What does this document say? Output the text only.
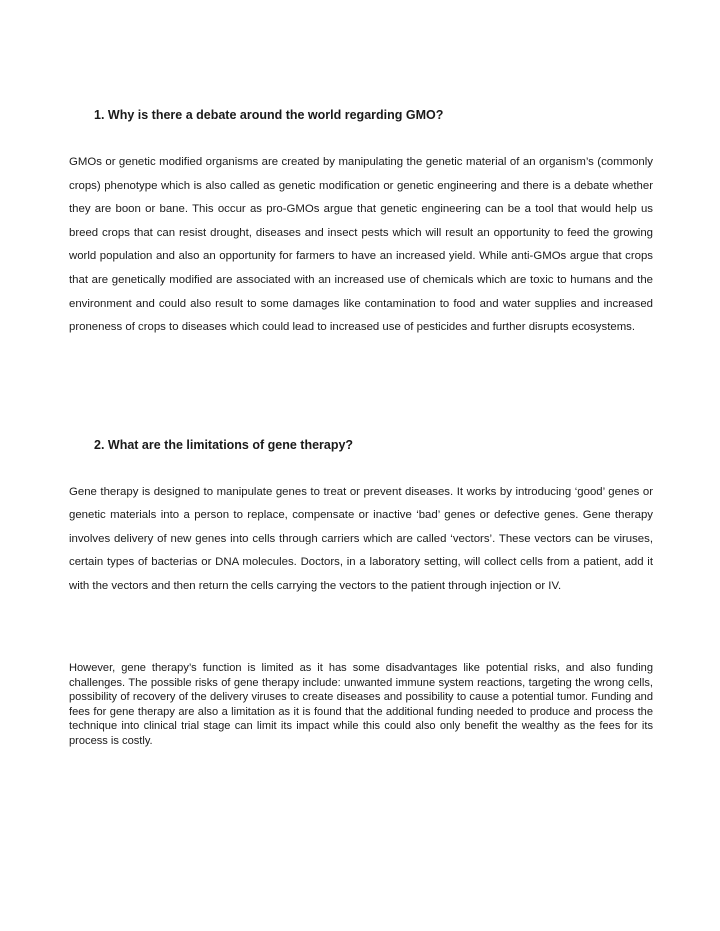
1. Why is there a debate around the world regarding GMO?

GMOs or genetic modified organisms are created by manipulating the genetic material of an organism’s (commonly crops) phenotype which is also called as genetic modification or genetic engineering and there is a debate whether they are boon or bane. This occur as pro-GMOs argue that genetic engineering can be a tool that would help us breed crops that can resist drought, diseases and insect pests which will result an opportunity to feed the growing world population and also an opportunity for farmers to have an increased yield. While anti-GMOs argue that crops that are genetically modified are associated with an increased use of chemicals which are toxic to humans and the environment and could also result to some damages like contamination to food and water supplies and increased proneness of crops to diseases which could lead to increased use of pesticides and further disrupts ecosystems.

2. What are the limitations of gene therapy?

Gene therapy is designed to manipulate genes to treat or prevent diseases. It works by introducing ‘good’ genes or genetic materials into a person to replace, compensate or inactive ‘bad’ genes or defective genes. Gene therapy involves delivery of new genes into cells through carriers which are called ‘vectors’. These vectors can be viruses, certain types of bacterias or DNA molecules. Doctors, in a laboratory setting, will collect cells from a patient, add it with the vectors and then return the cells carrying the vectors to the patient through injection or IV.

However, gene therapy’s function is limited as it has some disadvantages like potential risks, and also funding challenges. The possible risks of gene therapy include: unwanted immune system reactions, targeting the wrong cells, possibility of recovery of the delivery viruses to create diseases and possibility to cause a potential tumor. Funding and fees for gene therapy are also a limitation as it is found that the additional funding needed to produce and process the technique into clinical trial stage can limit its impact while this could also only benefit the wealthy as the fees for its process is costly.
